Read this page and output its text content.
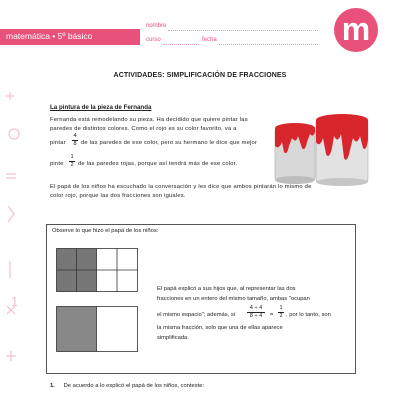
matemática • 5º básico
nombre
curso	fecha	m
1
ACTIVIDADES: SIMPLIFICACIÓN DE FRACCIONES
La pintura de la pieza de Fernanda
Fernanda está remodelando su pieza. Ha decidido que quiere pintar las
paredes de distintos colores. Como el rojo es su color favorito, va a
pintar
4
8 de las paredes de ese color, pero su hermano le dice que mejor
pinte
1
2 de las paredes rojas, porque así tendrá más de ese color.
El papá de los niños ha escuchado la conversación y les dice que ambos pintarán lo mismo de
color rojo, porque las dos fracciones son iguales.
Observe lo que hizo el papá de los niños:
El papá explicó a sus hijos que, al representar las dos
fracciones en un entero del mismo tamaño, ambas "ocupan
el mismo espacio"; además, si
4 ÷ 4
8 ÷ 4	=
1
2 , por lo tanto, son
la misma fracción, solo que una de ellas aparece
simplificada.
1. De acuerdo a lo explicó el papá de los niños, conteste:
